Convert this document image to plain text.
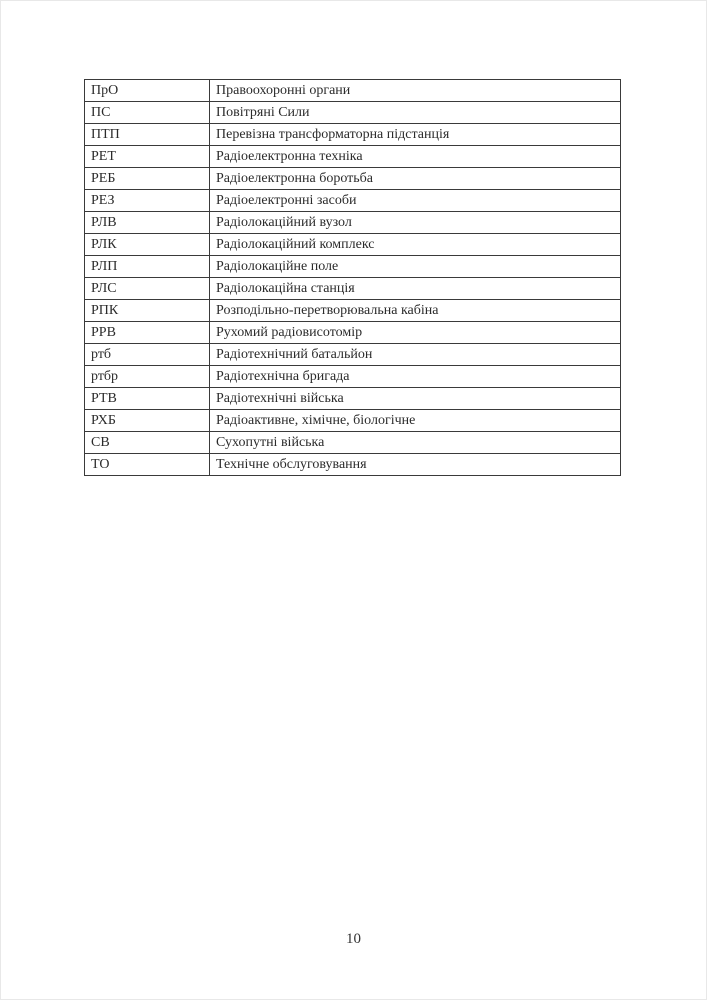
ПрО	Правоохоронні органи
ПС	Повітряні Сили
ПТП	Перевізна трансформаторна підстанція
РЕТ	Радіоелектронна техніка
РЕБ	Радіоелектронна боротьба
РЕЗ	Радіоелектронні засоби
РЛВ	Радіолокаційний вузол
РЛК	Радіолокаційний комплекс
РЛП	Радіолокаційне поле
РЛС	Радіолокаційна станція
РПК	Розподільно-перетворювальна кабіна
РРВ	Рухомий радіовисотомір
ртб	Радіотехнічний батальйон
ртбр	Радіотехнічна бригада
РТВ	Радіотехнічні війська
РХБ	Радіоактивне, хімічне, біологічне
СВ	Сухопутні війська
ТО	Технічне обслуговування
10
